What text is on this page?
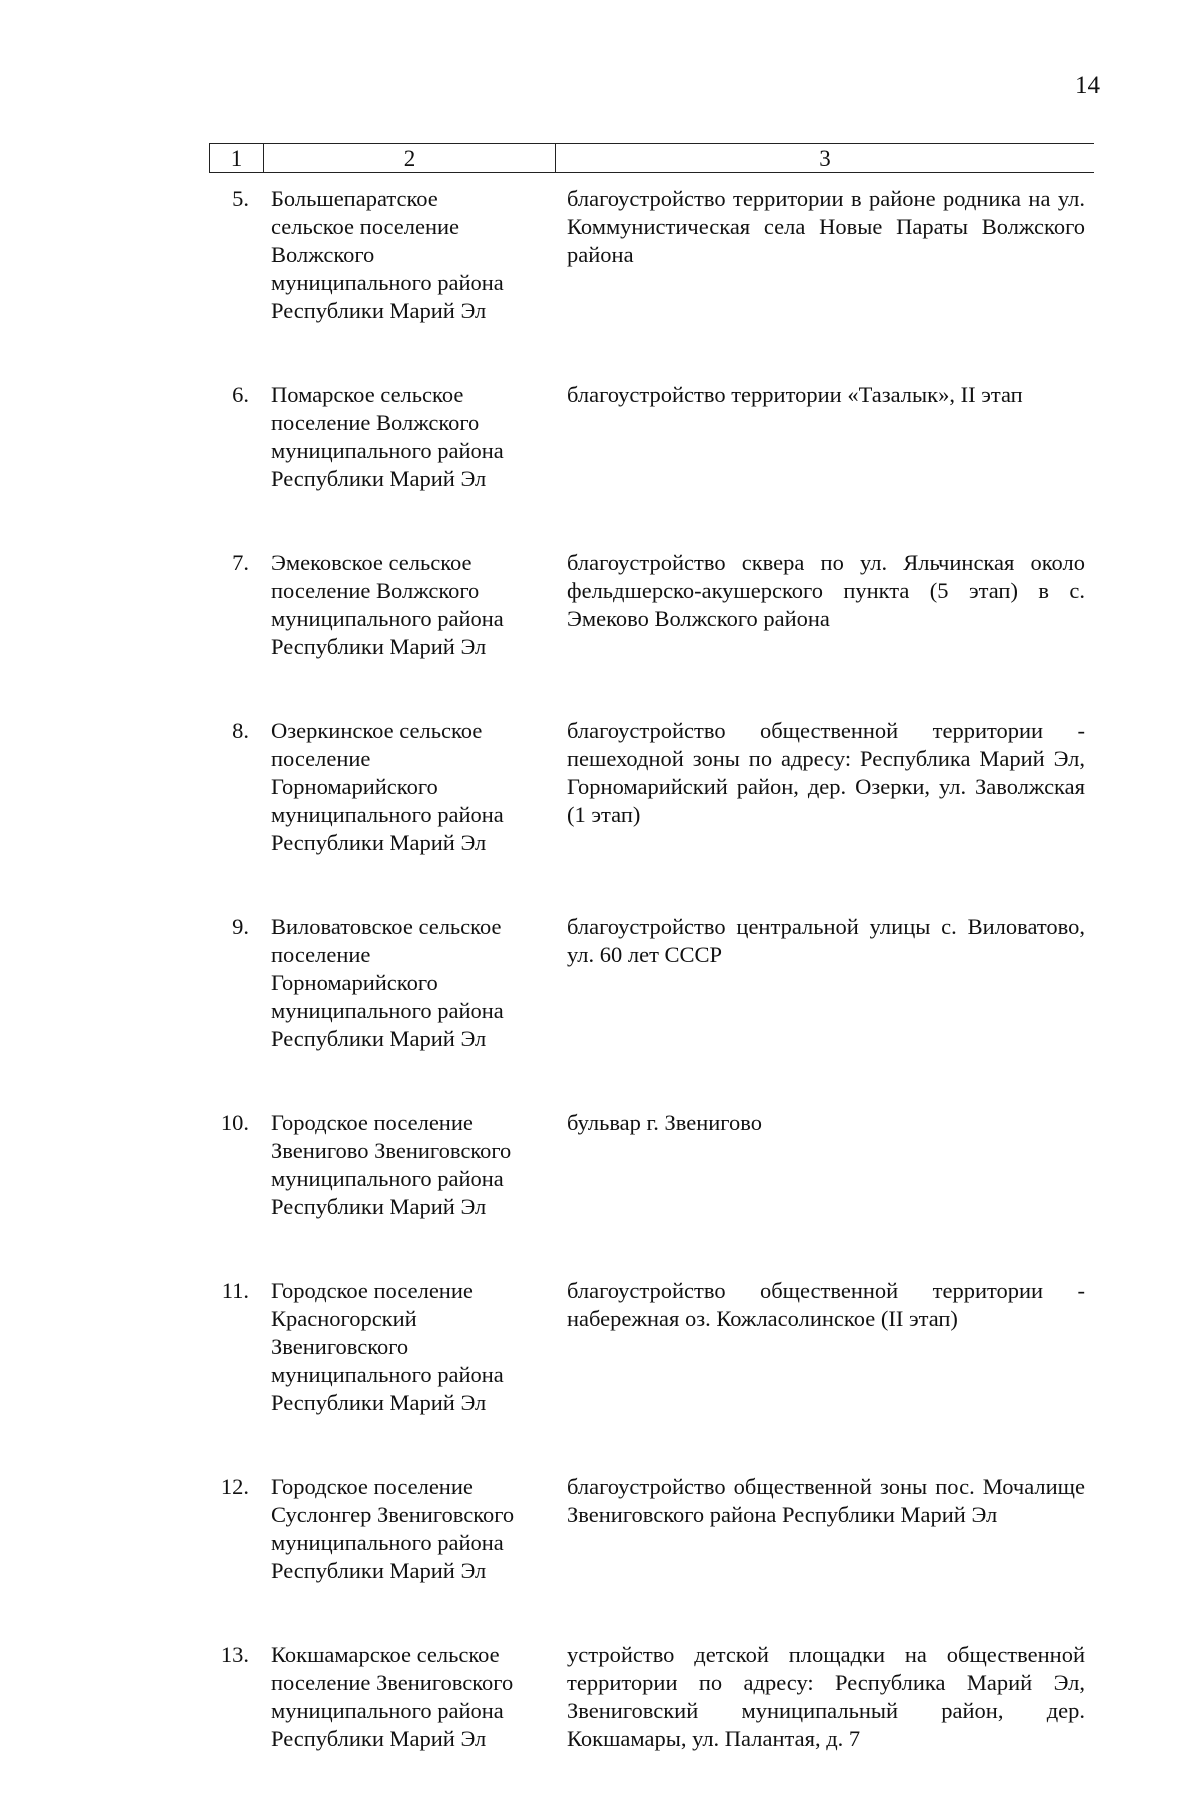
14
1	2	3
5. Большепаратское
сельское поселение
Волжского
муниципального района
Республики Марий Эл
благоустройство территории в районе родника на ул. Коммунистическая села Новые Параты Волжского района
6. Помарское сельское
поселение Волжского
муниципального района
Республики Марий Эл
благоустройство территории «Тазалык», II этап
7. Эмековское сельское
поселение Волжского
муниципального района
Республики Марий Эл
благоустройство сквера по ул. Яльчинская около фельдшерско-акушерского пункта (5 этап) в с. Эмеково Волжского района
8. Озеркинское сельское
поселение
Горномарийского
муниципального района
Республики Марий Эл
благоустройство общественной территории - пешеходной зоны по адресу: Республика Марий Эл, Горномарийский район, дер. Озерки, ул. Заволжская (1 этап)
9. Виловатовское сельское
поселение
Горномарийского
муниципального района
Республики Марий Эл
благоустройство центральной улицы с. Виловатово, ул. 60 лет СССР
10. Городское поселение
Звенигово Звениговского
муниципального района
Республики Марий Эл
бульвар г. Звенигово
11. Городское поселение
Красногорский
Звениговского
муниципального района
Республики Марий Эл
благоустройство общественной территории - набережная оз. Кожласолинское (II этап)
12. Городское поселение
Суслонгер Звениговского
муниципального района
Республики Марий Эл
благоустройство общественной зоны пос. Мочалище Звениговского района Республики Марий Эл
13. Кокшамарское сельское
поселение Звениговского
муниципального района
Республики Марий Эл
устройство детской площадки на общественной территории по адресу: Республика Марий Эл, Звениговский муниципальный район, дер. Кокшамары, ул. Палантая, д. 7
